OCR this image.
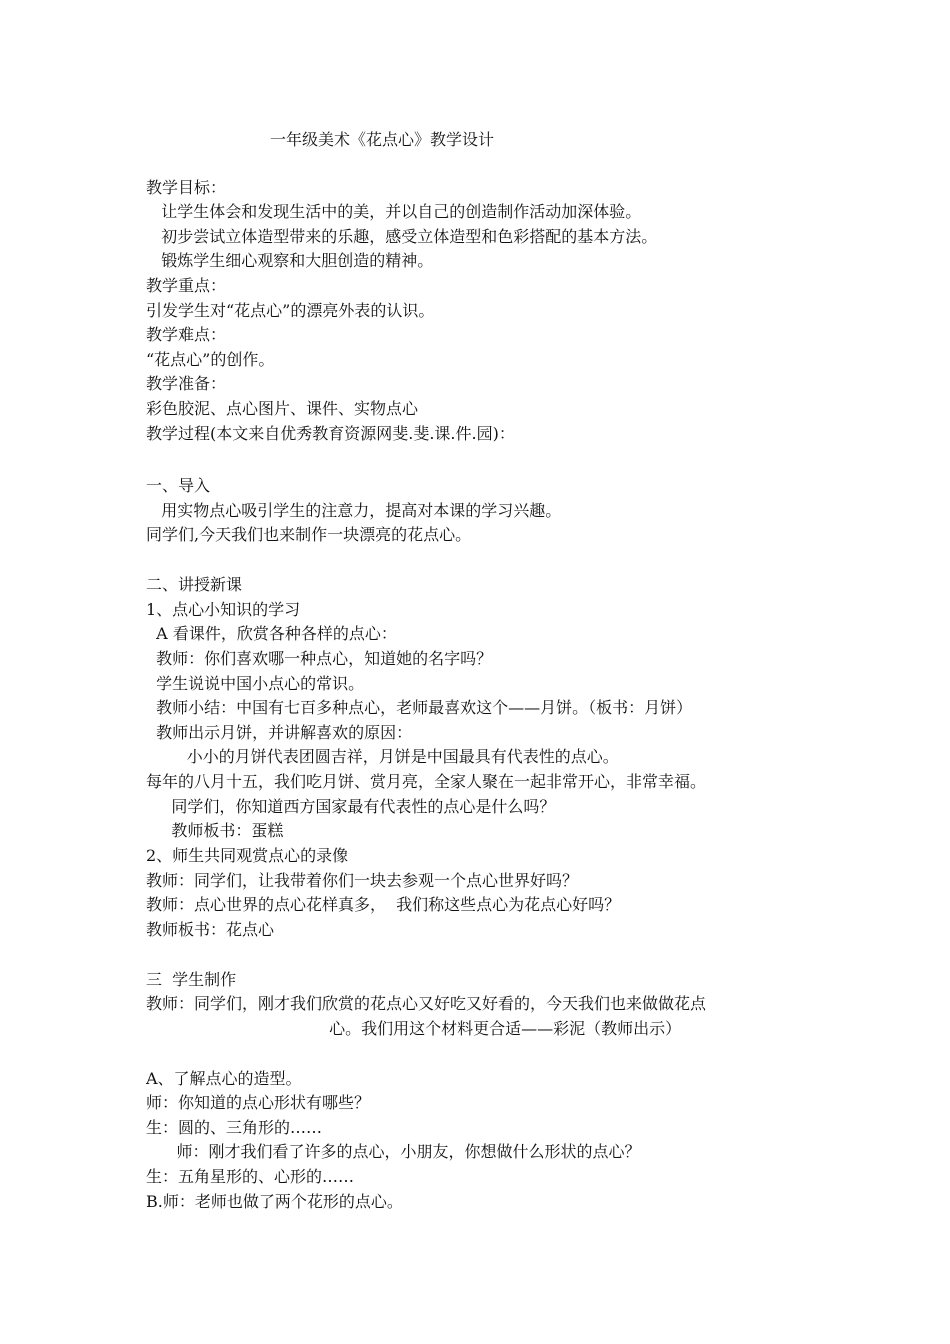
一年级美术《花点心》教学设计
教学目标：
让学生体会和发现生活中的美，并以自己的创造制作活动加深体验。
初步尝试立体造型带来的乐趣，感受立体造型和色彩搭配的基本方法。
锻炼学生细心观察和大胆创造的精神。
教学重点：
引发学生对“花点心”的漂亮外表的认识。
教学难点：
“花点心”的创作。
教学准备：
彩色胶泥、点心图片、课件、实物点心
教学过程(本文来自优秀教育资源网斐.斐.课.件.园)：
一、导入
用实物点心吸引学生的注意力，提高对本课的学习兴趣。
同学们,今天我们也来制作一块漂亮的花点心。
二、讲授新课
1、点心小知识的学习
A 看课件，欣赏各种各样的点心：
教师：你们喜欢哪一种点心，知道她的名字吗？
学生说说中国小点心的常识。
教师小结：中国有七百多种点心，老师最喜欢这个——月饼。（板书：月饼）
教师出示月饼，并讲解喜欢的原因：
小小的月饼代表团圆吉祥，月饼是中国最具有代表性的点心。
每年的八月十五，我们吃月饼、赏月亮，全家人聚在一起非常开心，非常幸福。
同学们，你知道西方国家最有代表性的点心是什么吗？
教师板书：蛋糕
2、师生共同观赏点心的录像
教师：同学们，让我带着你们一块去参观一个点心世界好吗？
教师：点心世界的点心花样真多，  我们称这些点心为花点心好吗？
教师板书：花点心
三  学生制作
教师：同学们，刚才我们欣赏的花点心又好吃又好看的，今天我们也来做做花点
心。我们用这个材料更合适——彩泥（教师出示）
A、了解点心的造型。
师：你知道的点心形状有哪些？
生：圆的、三角形的……
师：刚才我们看了许多的点心，小朋友，你想做什么形状的点心？
生：五角星形的、心形的……
B.师：老师也做了两个花形的点心。
